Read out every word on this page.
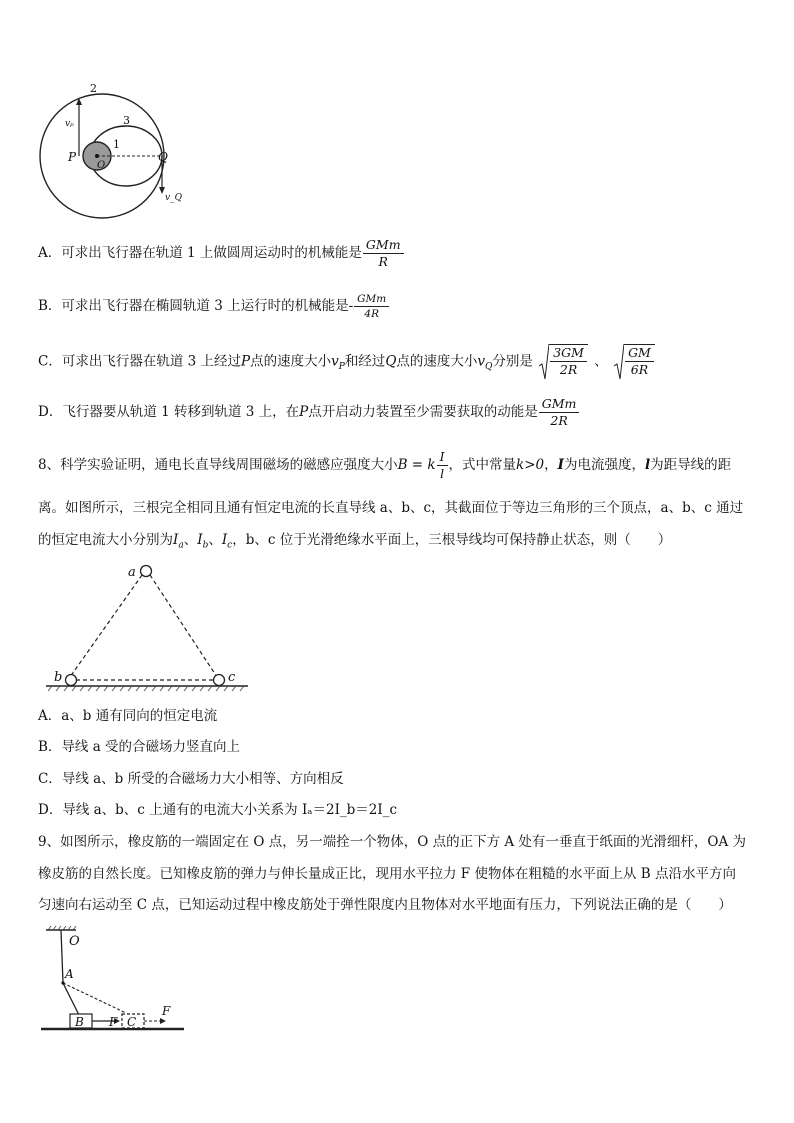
2
3
1
P
O
Q
vₚ
v_Q
A．可求出飞行器在轨道 1 上做圆周运动时的机械能是 $\frac{\text{GMm}}{R}$
B．可求出飞行器在椭圆轨道 3 上运行时的机械能是- $\frac{\text{GMm}}{4R}$
C．可求出飞行器在轨道 3 上经过P点的速度大小$v_P$和经过Q点的速度大小$v_Q$分别是 $\frac{3GM}{2R}$ 、 $\frac{GM}{6R}$
D．飞行器要从轨道 1 转移到轨道 3 上，在P点开启动力装置至少需要获取的动能是 $\frac{\text{GMm}}{2R}$
8、科学实验证明，通电长直导线周围磁场的磁感应强度大小B = k $\frac{I}{l}$ ，式中常量k>0，I为电流强度，l为距导线的距
离。如图所示，三根完全相同且通有恒定电流的长直导线 a、b、c，其截面位于等边三角形的三个顶点，a、b、c 通过
的恒定电流大小分别为$I_a$、$I_b$、$I_c$，b、c 位于光滑绝缘水平面上，三根导线均可保持静止状态，则（　　）
a
b	c
A．a、b 通有同向的恒定电流
B．导线 a 受的合磁场力竖直向上
C．导线 a、b 所受的合磁场力大小相等、方向相反
D．导线 a、b、c 上通有的电流大小关系为 Iₐ＝2I_b＝2I_c
9、如图所示，橡皮筋的一端固定在 O 点，另一端拴一个物体，O 点的正下方 A 处有一垂直于纸面的光滑细杆，OA 为
橡皮筋的自然长度。已知橡皮筋的弹力与伸长量成正比，现用水平拉力 F 使物体在粗糙的水平面上从 B 点沿水平方向
匀速向右运动至 C 点，已知运动过程中橡皮筋处于弹性限度内且物体对水平地面有压力，下列说法正确的是（　　）
O
A
B F C
F
